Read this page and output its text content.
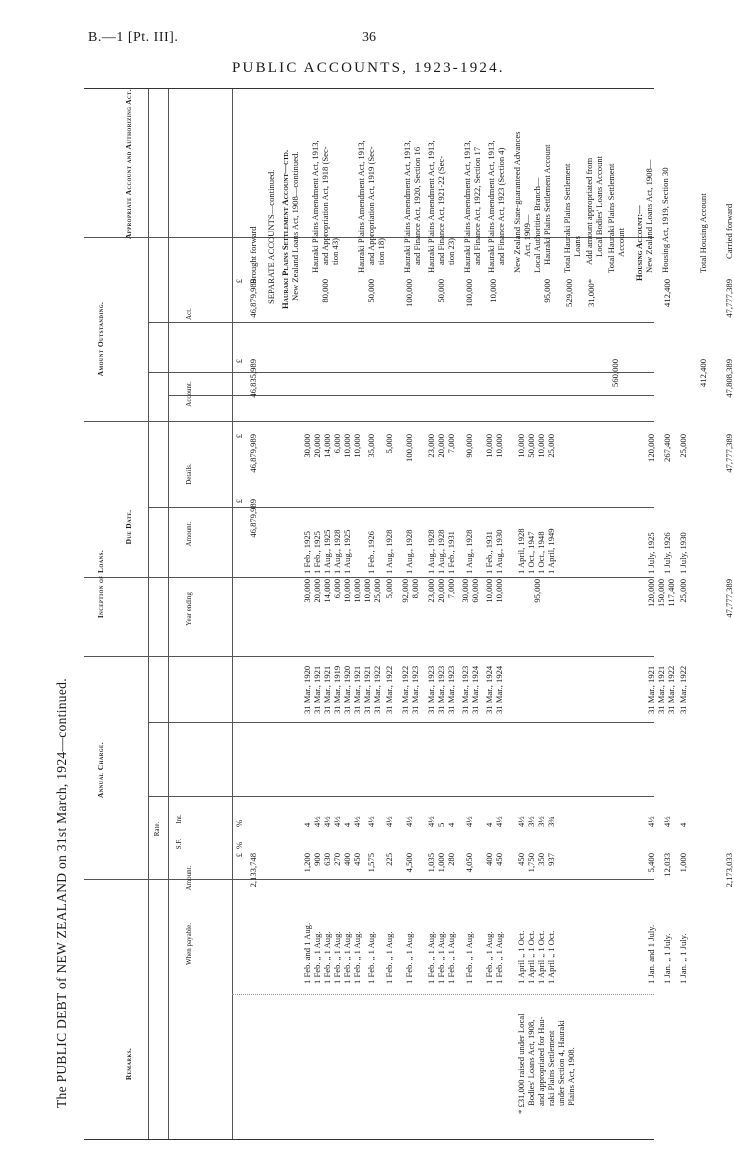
B.—1 [Pt. III].	36
PUBLIC ACCOUNTS, 1923-1924.
The PUBLIC DEBT of NEW ZEALAND on 31st March, 1924—continued.
Appropriate Account and Authorizing Act.
Amount Outstanding.	Act.
Account.
Details.
Due Date.
Inception of Loans.
Amount.
Year ending
Annual Charge.
Rate.
Int.
S.F.
Amount.
When payable.
Remarks.
£
£
£
£
£
%
%
Brought forward
46,879,989
46,835,989
46,879,989
46,879,989
2,133,748
SEPARATE ACCOUNTS—continued. Hauraki Plains Settlement Account—ctd. New Zealand Loans Act, 1908—continued. Hauraki Plains Amendment Act, 1913, and Appropriation Act, 1918 (Sec- tion 43)
80,000
30,000 20,000 14,000 6,000 10,000
1 Feb., 1925 1 Feb., 1925 1 Aug., 1925 1 Aug., 1928 1 Aug., 1925
30,000 20,000 14,000 6,000 10,000
31 Mar., 1920 31 Mar., 1921 31 Mar., 1921 31 Mar., 1919 31 Mar., 1920
4 4½ 4½ 4½ 4
1,200 900 630 270 400
1 Feb. and 1 Aug. 1 Feb. „ 1 Aug. 1 Feb. „ 1 Aug. 1 Feb. „ 1 Aug. 1 Feb. „ 1 Aug.
Hauraki Plains Amendment Act, 1913, and Appropriation Act, 1919 (Sec- tion 18)
50,000
10,000 35,000 5,000
1 Feb., 1926 1 Aug., 1928
10,000 10,000 25,000 5,000
31 Mar., 1921 31 Mar., 1921 31 Mar., 1922 31 Mar., 1922
4½ 4½ 4½
450 1,575 225
1 Feb. „ 1 Aug. 1 Feb. „ 1 Aug. 1 Feb. „ 1 Aug.
Hauraki Plains Amendment Act, 1913, and Finance Act, 1920, Section 16
100,000
100,000
1 Aug., 1928
92,000 8,000
31 Mar., 1922 31 Mar., 1923
4½
4,500
1 Feb. „ 1 Aug.
Hauraki Plains Amendment Act, 1913, and Finance Act, 1921-22 (Sec- tion 23)
50,000
23,000 20,000 7,000
1 Aug., 1928 1 Aug., 1928 1 Feb., 1931
23,000 20,000 7,000
31 Mar., 1923 31 Mar., 1923 31 Mar., 1923
4½ 5 4
1,035 1,000 280
1 Feb. „ 1 Aug. 1 Feb. „ 1 Aug. 1 Feb. „ 1 Aug.
Hauraki Plains Amendment Act, 1913, and Finance Act, 1922, Section 17
100,000
90,000
1 Aug., 1928
30,000 60,000
31 Mar., 1923 31 Mar., 1924
4½
4,050
1 Feb. „ 1 Aug.
Hauraki Plains Amendment Act, 1913, and Finance Act, 1923 (Section 4)
10,000
10,000 10,000
1 Feb., 1931 1 Aug., 1930
10,000 10,000
31 Mar., 1924 31 Mar., 1924
4 4½
400 450
1 Feb. „ 1 Aug. 1 Feb. „ 1 Aug.
New Zealand State-guaranteed Advances Act, 1909— Local Authorities Branch— Hauraki Plains Settlement Account
95,000
10,000 50,000 10,000 25,000
1 April, 1928 1 Oct., 1947 1 Oct., 1948 1 April, 1949
95,000
4½ 3½ 3½ 3¾
450 1,750 350 937
1 April „ 1 Oct. 1 April „ 1 Oct. 1 April „ 1 Oct. 1 April „ 1 Oct.
Total Hauraki Plains Settlement Loans
529,000
Add amount appropriated from Local Bodies' Loans Account
31,000*
Total Hauraki Plains Settlement Account
560,000
* £31,000 raised under Local Bodies' Loans Act, 1908, and appropriated for Hau- raki Plains Settlement under Section 4, Hauraki Plains Act, 1908.
Housing Account:— New Zealand Loans Act, 1908— Housing Act, 1919, Section 30
412,400
120,000 267,400 25,000
1 July, 1925 1 July, 1926 1 July, 1930
120,000 150,000 117,400 25,000
31 Mar., 1921 31 Mar., 1921 31 Mar., 1922 31 Mar., 1922
4½ 4½ 4
5,400 12,033 1,000
1 Jan. and 1 July. 1 Jan. „ 1 July. 1 Jan. „ 1 July.
Total Housing Account
412,400
Carried forward
47,777,389
47,808,389
47,777,389
47,777,389
2,173,033
